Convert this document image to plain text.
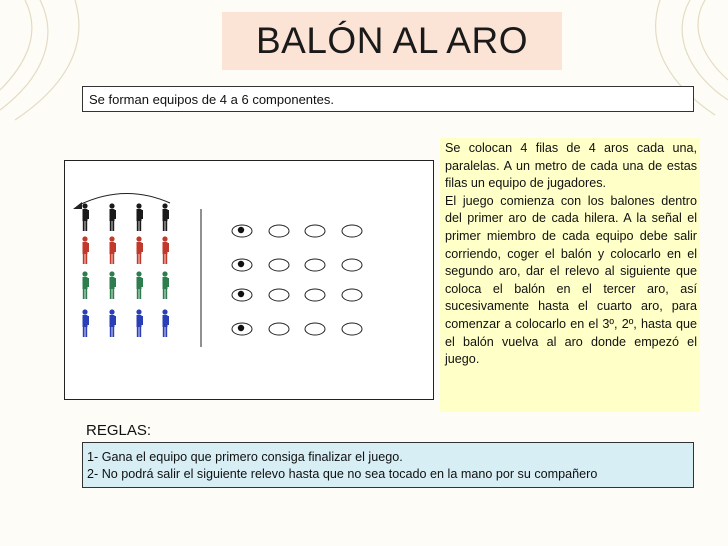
BALÓN AL ARO
Se forman equipos de 4 a 6 componentes.

Se colocan 4 filas de 4 aros cada una, paralelas. A un metro de cada una de estas filas un equipo de jugadores.

El juego comienza con los balones dentro del primer aro de cada hilera. A la señal el primer miembro de cada equipo debe salir corriendo, coger el balón y colocarlo en el segundo aro, dar el relevo al siguiente que coloca el balón en el tercer aro, así sucesivamente hasta el cuarto aro, para comenzar a colocarlo en el 3º, 2º, hasta que el balón vuelva al aro donde empezó el juego.

REGLAS:
1- Gana el equipo que primero consiga finalizar el juego.
2- No podrá salir el siguiente relevo hasta que no sea tocado en la mano por su compañero
